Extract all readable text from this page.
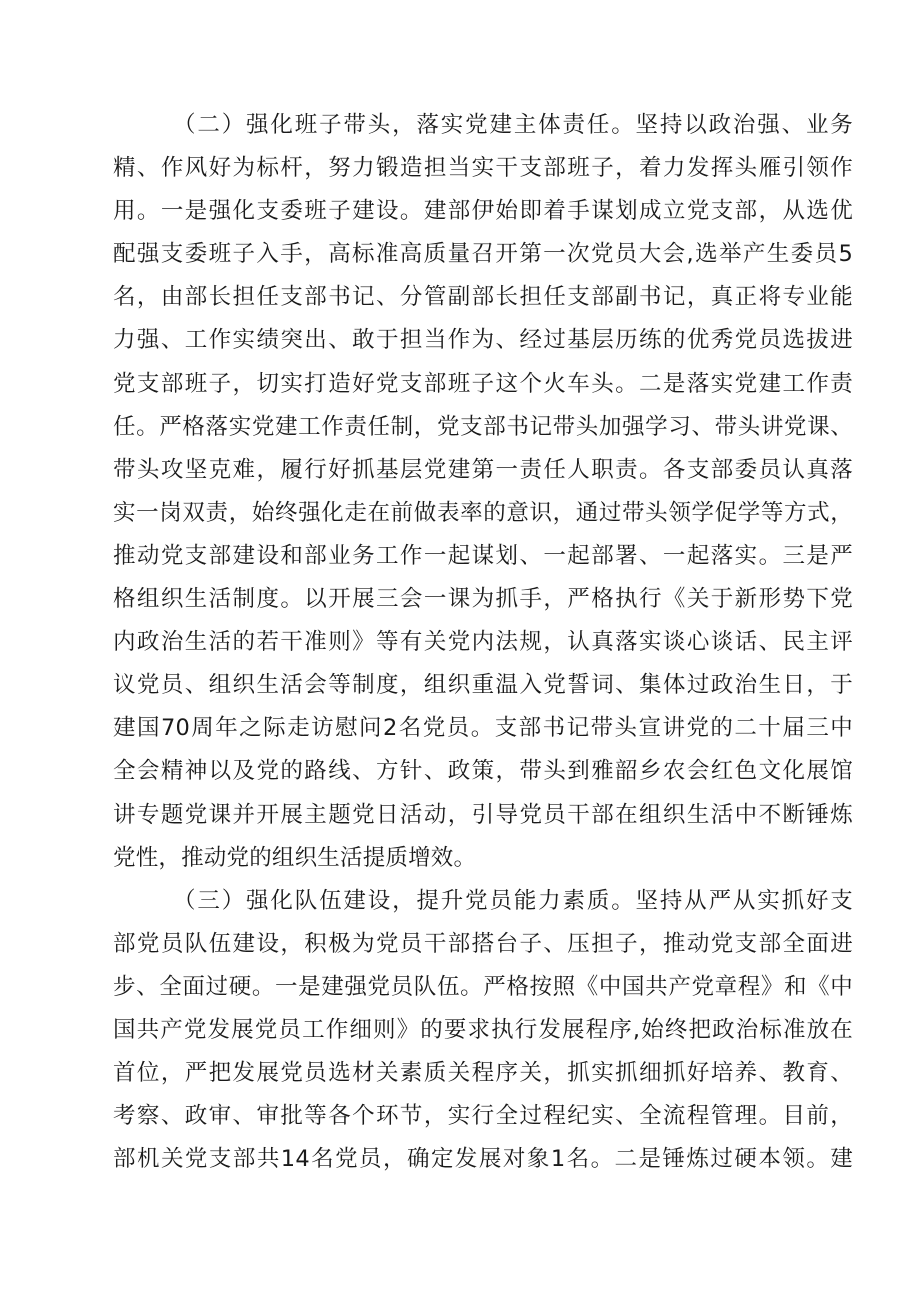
（二）强化班子带头，落实党建主体责任。坚持以政治强、业务
精、作风好为标杆，努力锻造担当实干支部班子，着力发挥头雁引领作
用。一是强化支委班子建设。建部伊始即着手谋划成立党支部，从选优
配强支委班子入手，高标准高质量召开第一次党员大会,选举产生委员5
名，由部长担任支部书记、分管副部长担任支部副书记，真正将专业能
力强、工作实绩突出、敢于担当作为、经过基层历练的优秀党员选拔进
党支部班子，切实打造好党支部班子这个火车头。二是落实党建工作责
任。严格落实党建工作责任制，党支部书记带头加强学习、带头讲党课、
带头攻坚克难，履行好抓基层党建第一责任人职责。各支部委员认真落
实一岗双责，始终强化走在前做表率的意识，通过带头领学促学等方式，
推动党支部建设和部业务工作一起谋划、一起部署、一起落实。三是严
格组织生活制度。以开展三会一课为抓手，严格执行《关于新形势下党
内政治生活的若干准则》等有关党内法规，认真落实谈心谈话、民主评
议党员、组织生活会等制度，组织重温入党誓词、集体过政治生日，于
建国70周年之际走访慰问2名党员。支部书记带头宣讲党的二十届三中
全会精神以及党的路线、方针、政策，带头到雅韶乡农会红色文化展馆
讲专题党课并开展主题党日活动，引导党员干部在组织生活中不断锤炼
党性，推动党的组织生活提质增效。
（三）强化队伍建设，提升党员能力素质。坚持从严从实抓好支
部党员队伍建设，积极为党员干部搭台子、压担子，推动党支部全面进
步、全面过硬。一是建强党员队伍。严格按照《中国共产党章程》和《中
国共产党发展党员工作细则》的要求执行发展程序,始终把政治标准放在
首位，严把发展党员选材关素质关程序关，抓实抓细抓好培养、教育、
考察、政审、审批等各个环节，实行全过程纪实、全流程管理。目前，
部机关党支部共14名党员，确定发展对象1名。二是锤炼过硬本领。建
